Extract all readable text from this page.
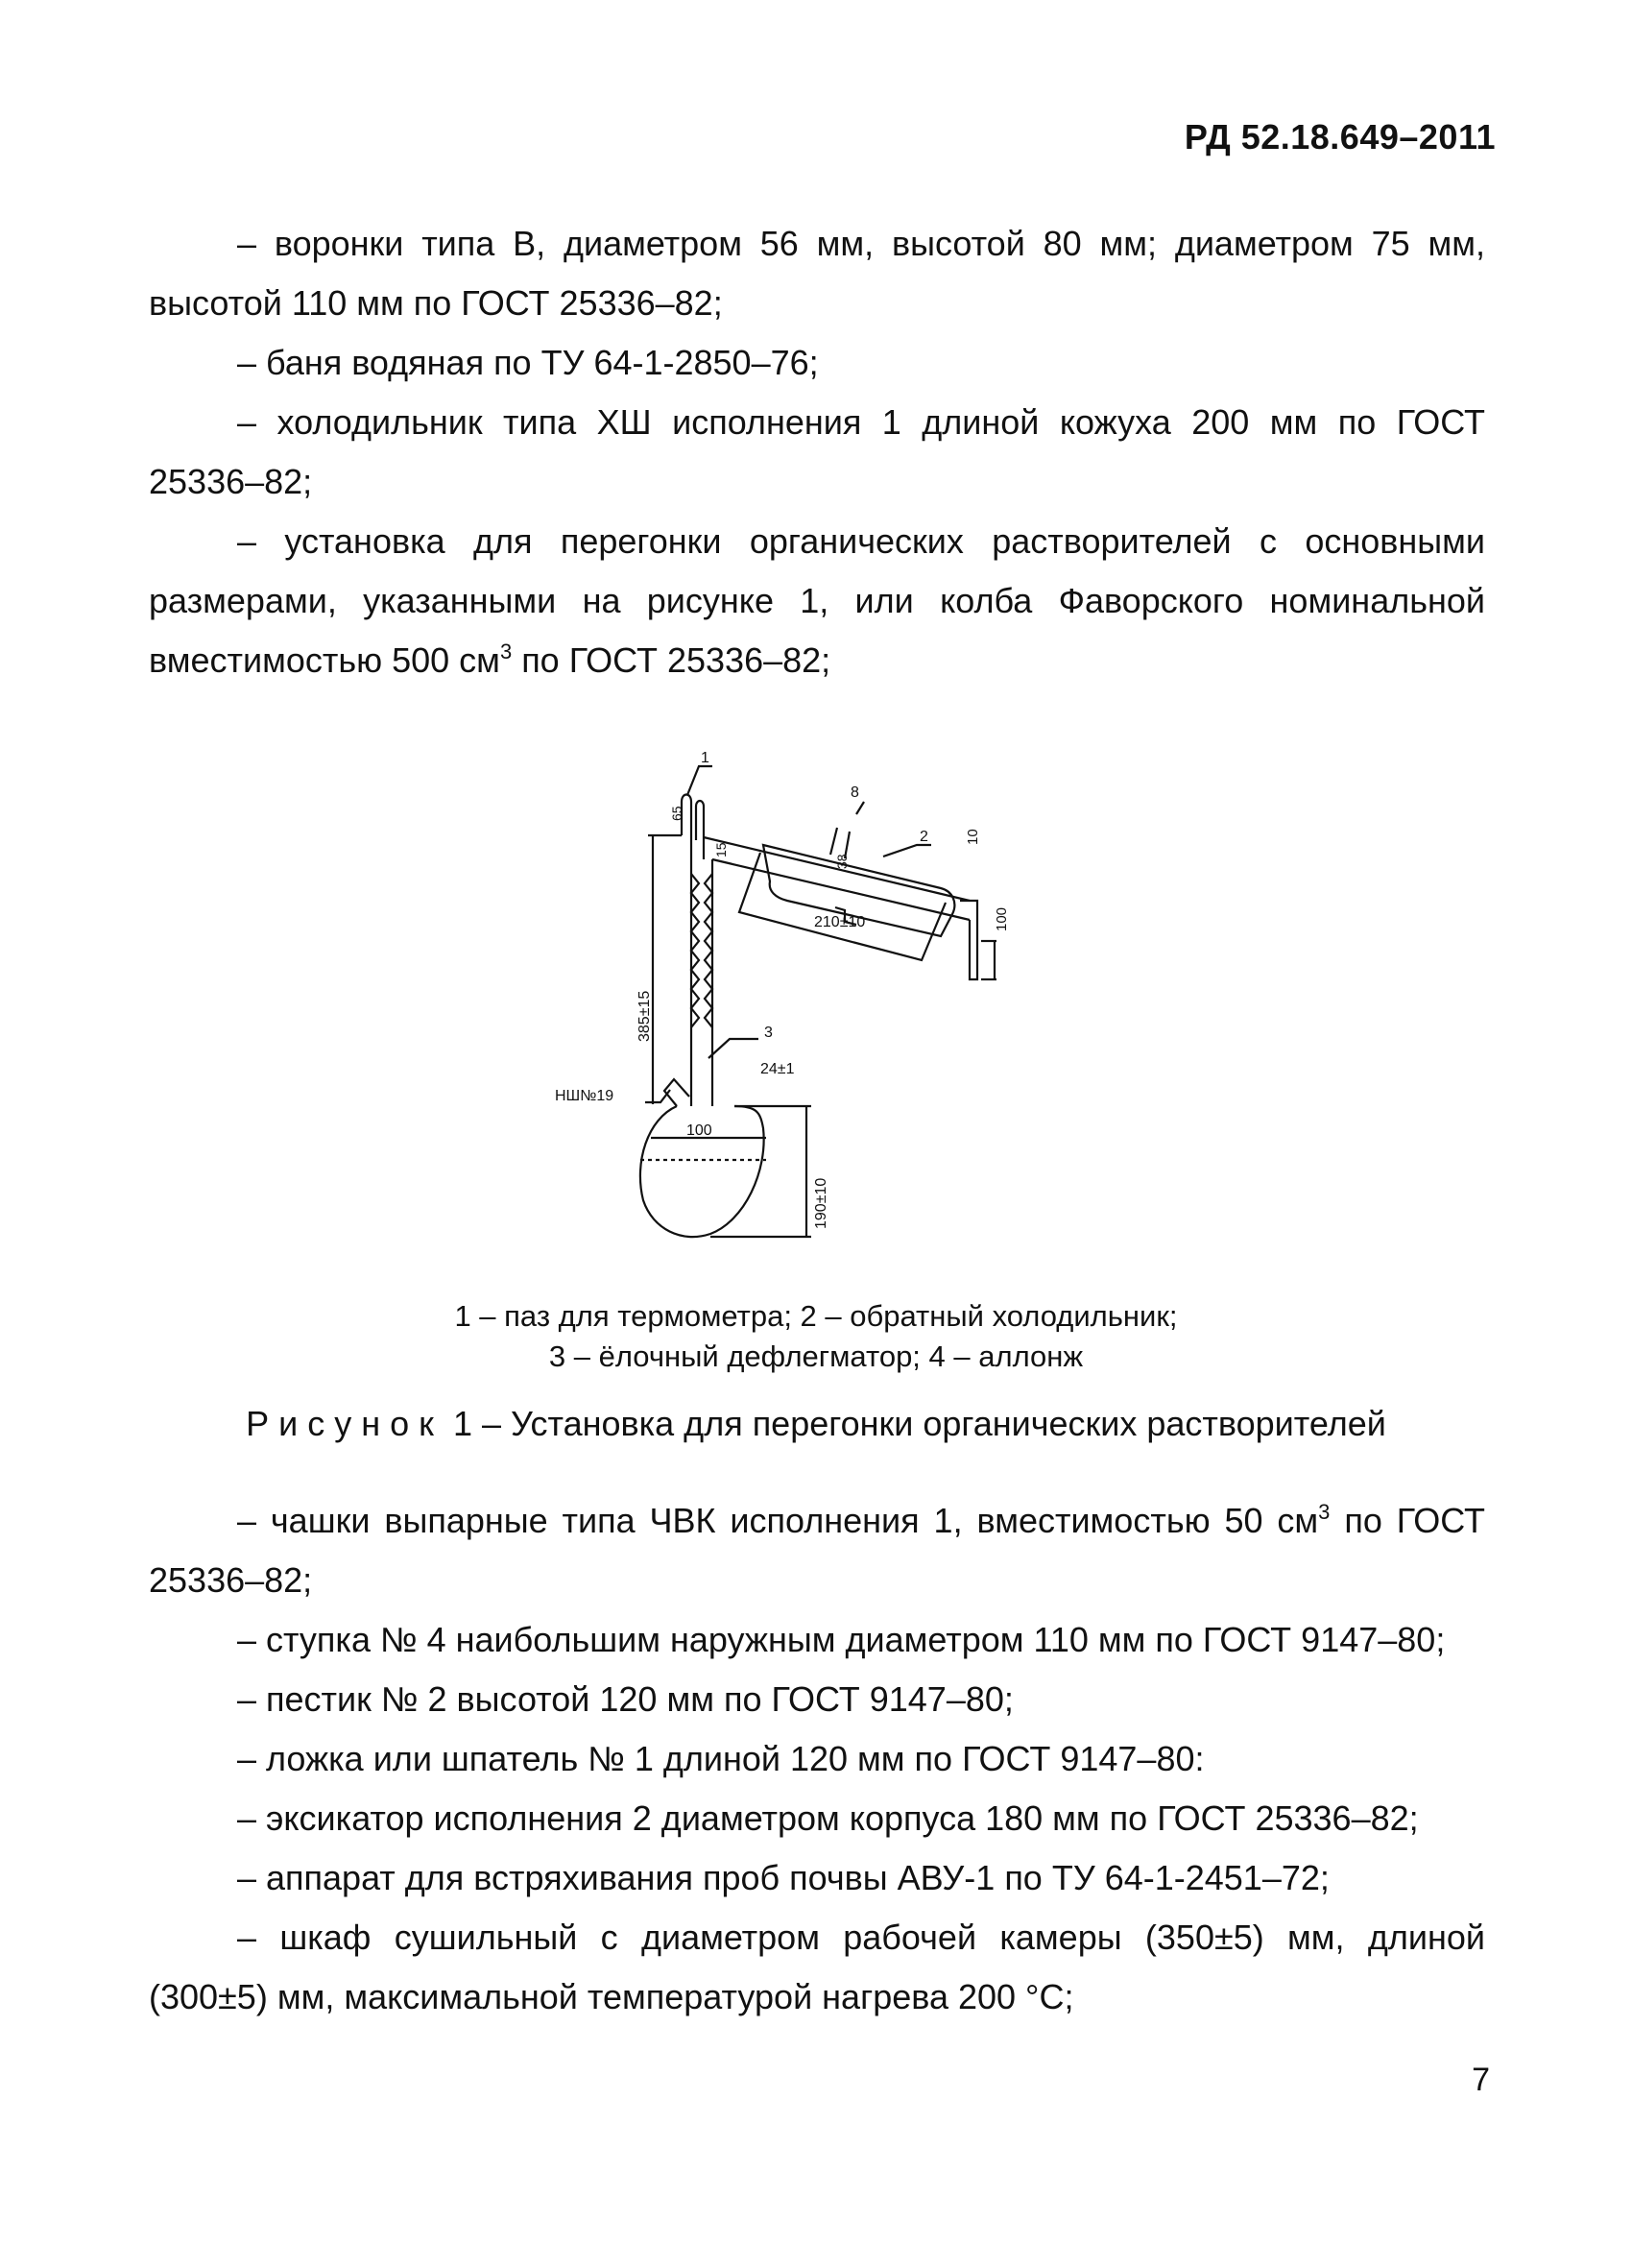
РД 52.18.649–2011

– воронки типа В, диаметром 56 мм, высотой 80 мм; диаметром 75 мм, высотой 110 мм по ГОСТ 25336–82;

– баня водяная по ТУ 64-1-2850–76;

– холодильник типа ХШ исполнения 1 длиной кожуха 200 мм по ГОСТ 25336–82;

– установка для перегонки органических растворителей с основными размерами, указанными на рисунке 1, или колба Фаворского номинальной вместимостью 500 $см^3$ по ГОСТ 25336–82;

1
8
2	10
65
15
38
100
385±15
210±10
3
24±1
190±10
100
НШ№19
1 – паз для термометра; 2 – обратный холодильник;
3 – ёлочный дефлегматор; 4 – аллонж
Рисунок 1 – Установка для перегонки органических растворителей

– чашки выпарные типа ЧВК исполнения 1, вместимостью 50 $см^3$ по ГОСТ 25336–82;

– ступка № 4 наибольшим наружным диаметром 110 мм по ГОСТ 9147–80;

– пестик № 2 высотой 120 мм по ГОСТ 9147–80;

– ложка или шпатель № 1 длиной 120 мм по ГОСТ 9147–80:

– эксикатор исполнения 2 диаметром корпуса 180 мм по ГОСТ 25336–82;

– аппарат для встряхивания проб почвы АВУ-1 по ТУ 64-1-2451–72;

– шкаф сушильный с диаметром рабочей камеры (350±5) мм, длиной (300±5) мм, максимальной температурой нагрева 200 °С;

7
